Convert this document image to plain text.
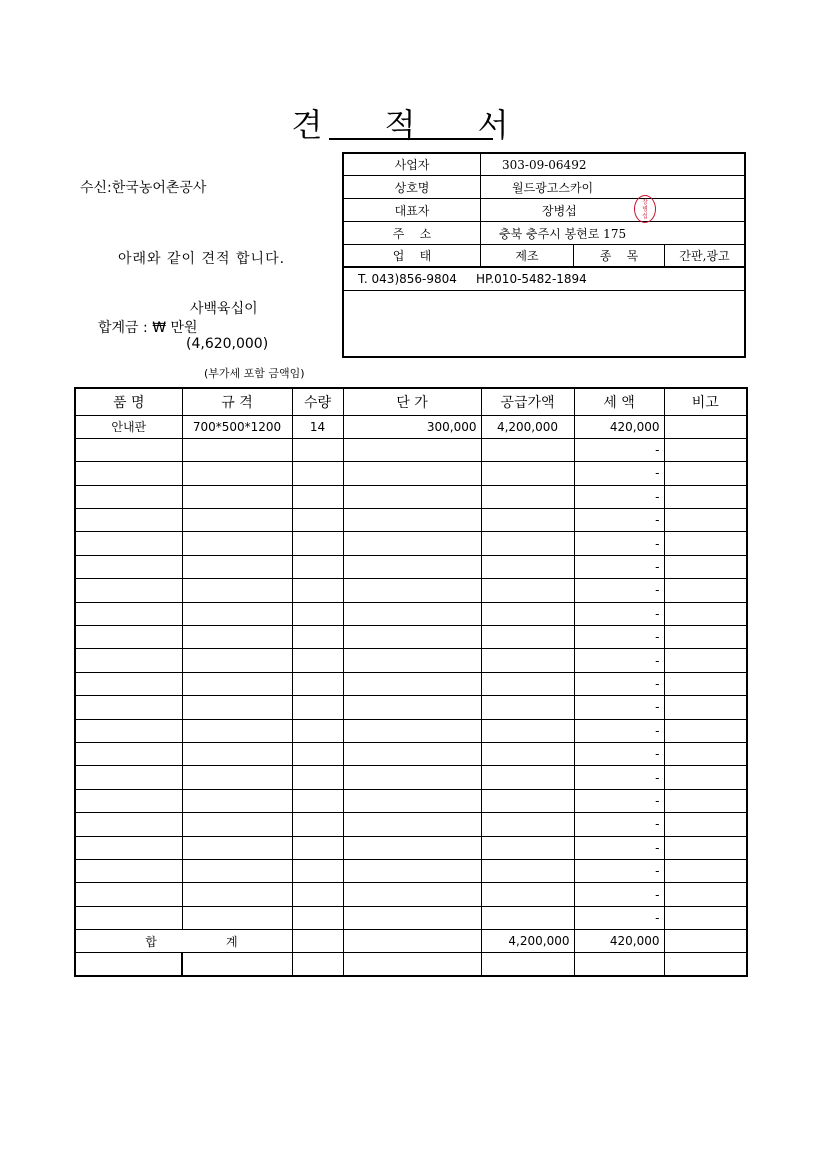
견 적 서
수신:한국농어촌공사
아래와 같이 견적 합니다.
사백육십이
합계금 : ₩ 만원
(4,620,000)
(부가세 포함 금액임)
사업자	303-09-06492
상호명	월드광고스카이
대표자	장병섭
장
병
섭
주    소	충북 충주시 봉현로 175
업    태	제조	종    목	간판,광고
T. 043)856-9804     HP.010-5482-1894
품 명	규 격	수량	단 가	공급가액	세 액	비고
안내판	700*500*1200	14	300,000	4,200,000	420,000	
					-	
					-	
					-	
					-	
					-	
					-	
					-	
					-	
					-	
					-	
					-	
					-	
					-	
					-	
					-	
					-	
					-	
					-	
					-	
					-	
					-	
합 계				4,200,000	420,000	
